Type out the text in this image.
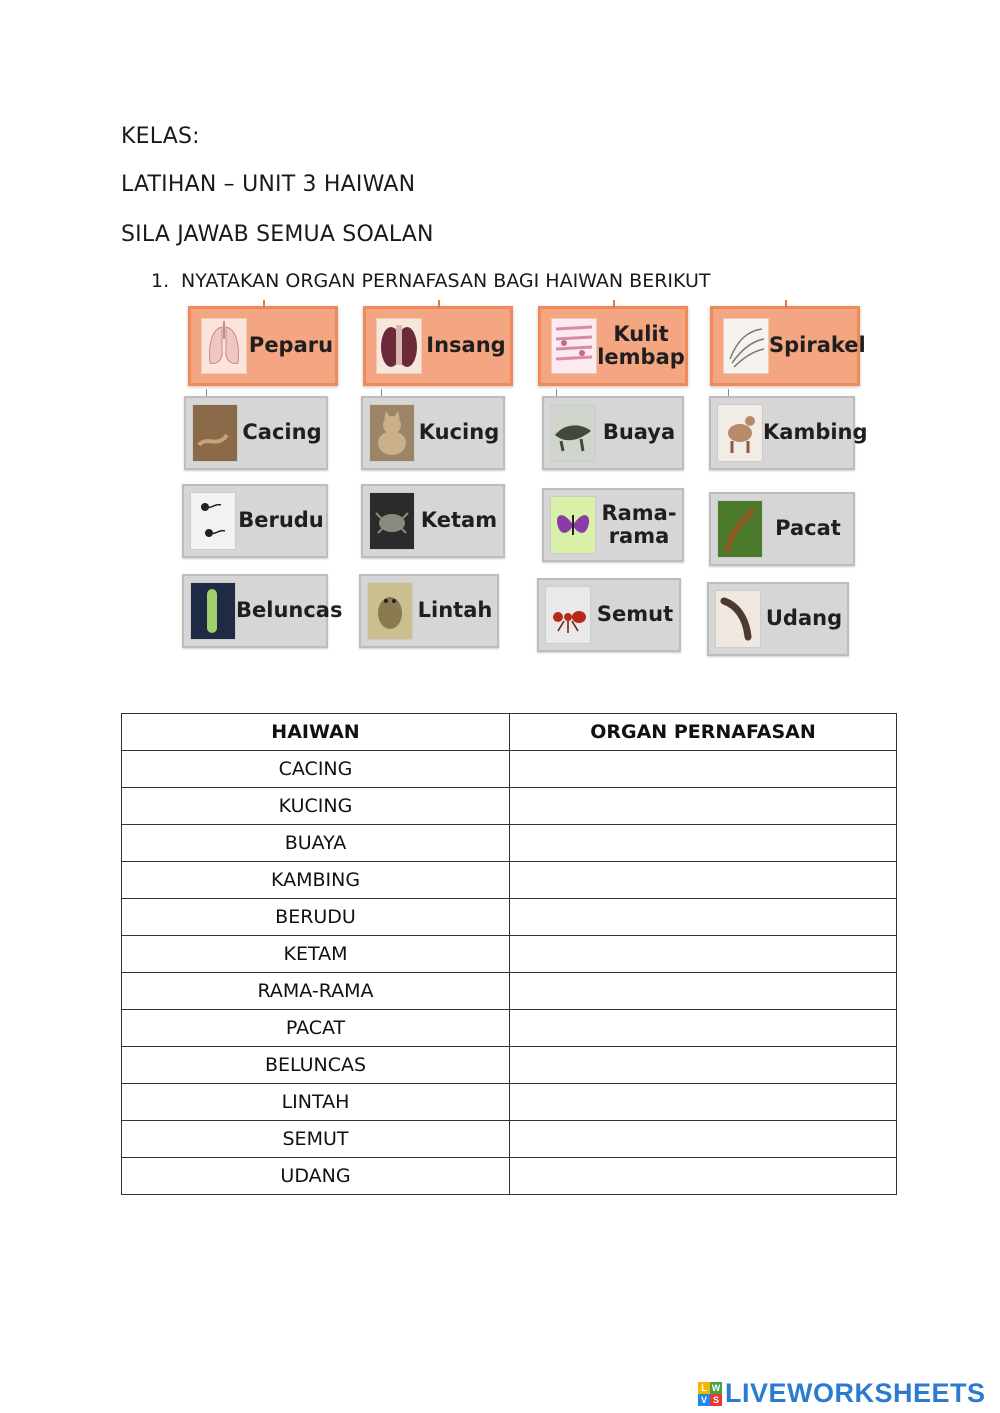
KELAS:
LATIHAN – UNIT 3 HAIWAN
SILA JAWAB SEMUA SOALAN
1. NYATAKAN ORGAN PERNAFASAN BAGI HAIWAN BERIKUT
Peparu	Insang	Kulit
lembap	Spirakel
Cacing	Kucing	Buaya	Kambing
Berudu	Ketam	Rama-
rama	Pacat
Beluncas	Lintah	Semut	Udang
HAIWAN	ORGAN PERNAFASAN
CACING	
KUCING	
BUAYA	
KAMBING	
BERUDU	
KETAM	
RAMA-RAMA	
PACAT	
BELUNCAS	
LINTAH	
SEMUT	
UDANG	
L W
V S LIVEWORKSHEETS
